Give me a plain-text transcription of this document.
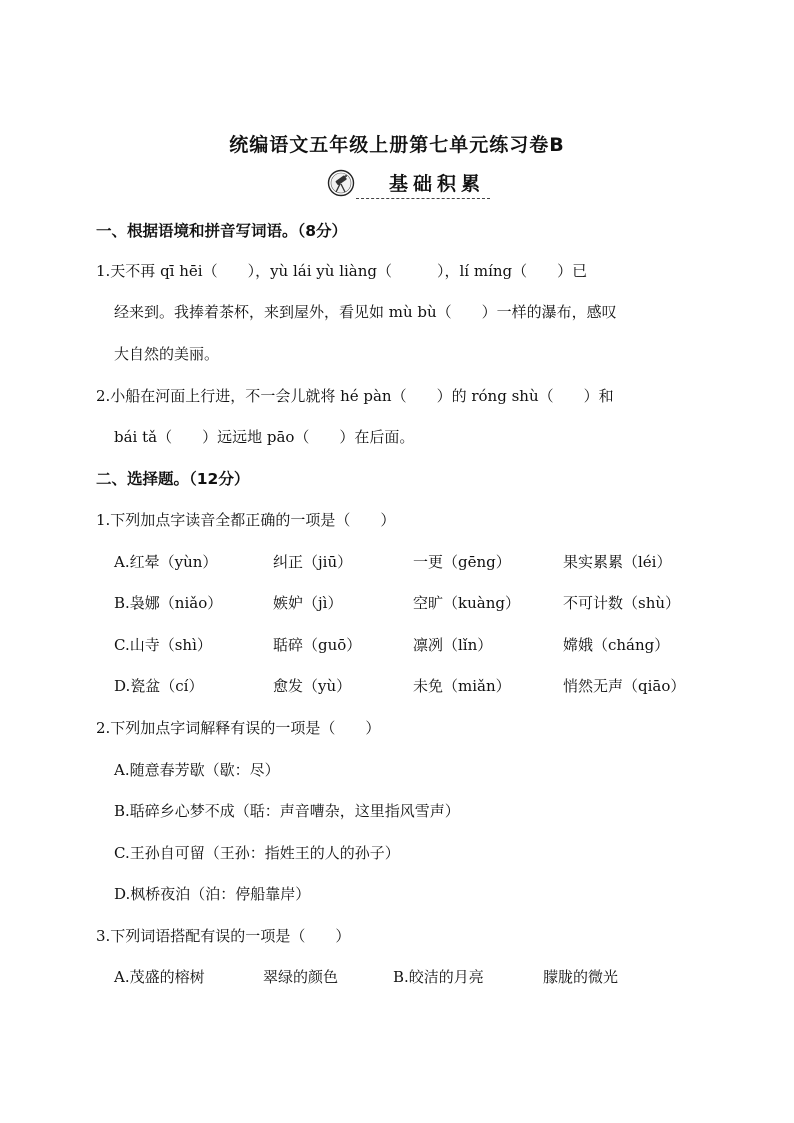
统编语文五年级上册第七单元练习卷B
基础积累
一、根据语境和拼音写词语。（8分）
1.天不再 qī hēi（　　），yù lái yù liàng（　　　），lí míng（　　）已
经来到。我捧着茶杯，来到屋外，看见如 mù bù（　　）一样的瀑布，感叹
大自然的美丽。
2.小船在河面上行进，不一会儿就将 hé pàn（　　）的 róng shù（　　）和
bái tǎ（　　）远远地 pāo（　　）在后面。
二、选择题。（12分）
1.下列加点字读音全都正确的一项是（　　）
A.红晕（yùn）	纠正（jiū）	一更（gēng）	果实累累（léi）
B.袅娜（niǎo）	嫉妒（jì）	空旷（kuàng）	不可计数（shù）
C.山寺（shì）	聒碎（guō）	凛冽（lǐn）	嫦娥（cháng）
D.瓷盆（cí）	愈发（yù）	未免（miǎn）	悄然无声（qiāo）
2.下列加点字词解释有误的一项是（　　）
A.随意春芳歇（歇：尽）
B.聒碎乡心梦不成（聒：声音嘈杂，这里指风雪声）
C.王孙自可留（王孙：指姓王的人的孙子）
D.枫桥夜泊（泊：停船靠岸）
3.下列词语搭配有误的一项是（　　）
A.茂盛的榕树	翠绿的颜色	B.皎洁的月亮	朦胧的微光
